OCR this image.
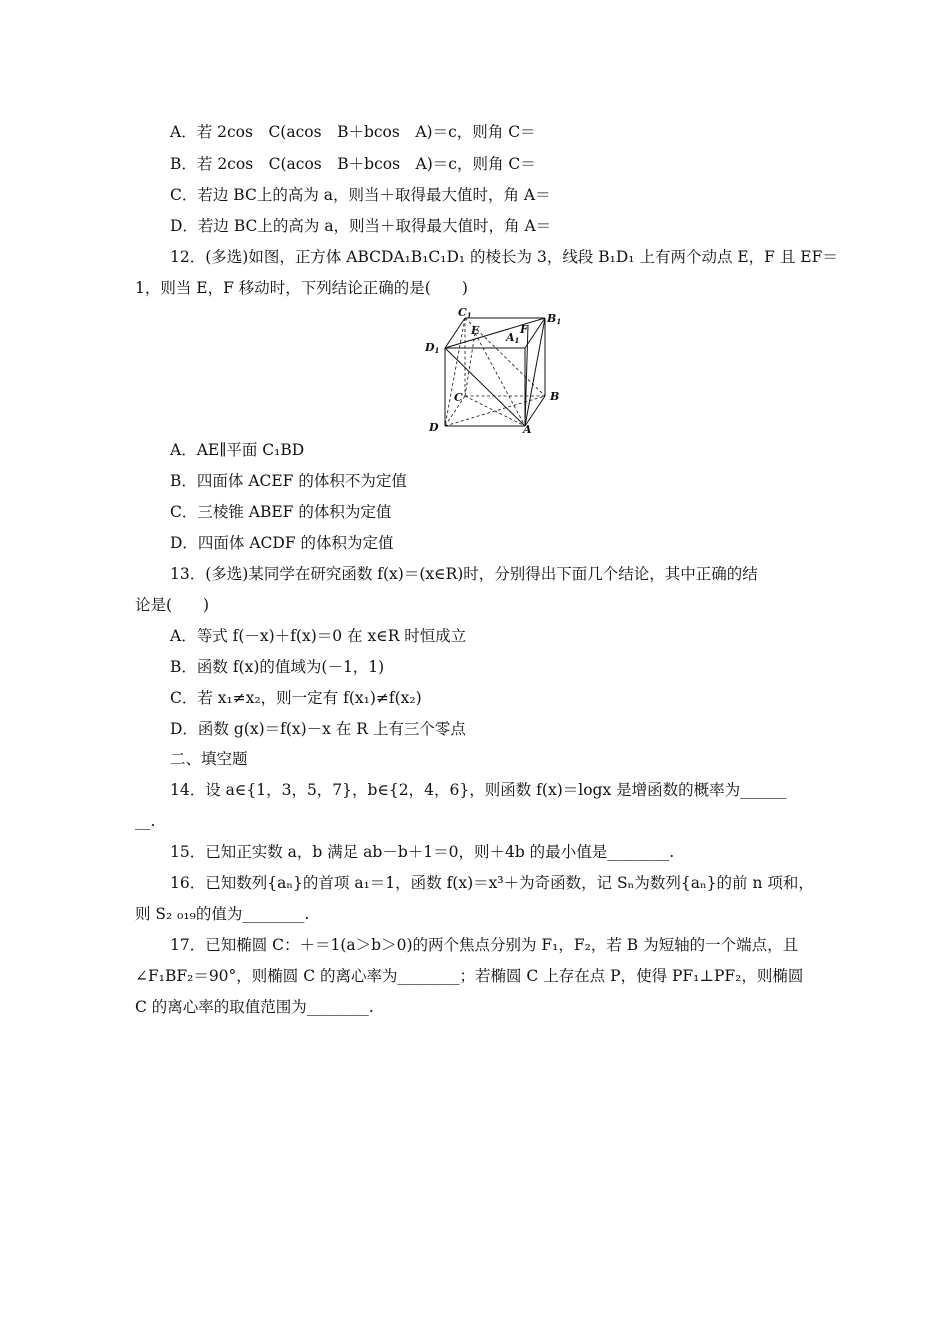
A．若 2cos　C(acos　B＋bcos　A)＝c，则角 C＝
B．若 2cos　C(acos　B＋bcos　A)＝c，则角 C＝
C．若边 BC上的高为 a，则当＋取得最大值时，角 A＝
D．若边 BC上的高为 a，则当＋取得最大值时，角 A＝
12．(多选)如图，正方体 ABCDA₁B₁C₁D₁ 的棱长为 3，线段 B₁D₁ 上有两个动点 E，F 且 EF＝
1，则当 E，F 移动时，下列结论正确的是(　　)
C1
E
A1
F
B1
D1
C	B
D	A
A．AE∥平面 C₁BD
B．四面体 ACEF 的体积不为定值
C．三棱锥 ABEF 的体积为定值
D．四面体 ACDF 的体积为定值
13．(多选)某同学在研究函数 f(x)＝(x∈R)时，分别得出下面几个结论，其中正确的结
论是(　　)
A．等式 f(－x)＋f(x)＝0 在 x∈R 时恒成立
B．函数 f(x)的值域为(－1，1)
C．若 x₁≠x₂，则一定有 f(x₁)≠f(x₂)
D．函数 g(x)＝f(x)－x 在 R 上有三个零点
二、填空题
14．设 a∈{1，3，5，7}，b∈{2，4，6}，则函数 f(x)＝logx 是增函数的概率为______
__.
15．已知正实数 a，b 满足 ab－b＋1＝0，则＋4b 的最小值是________.
16．已知数列{aₙ}的首项 a₁＝1，函数 f(x)＝x³＋为奇函数，记 Sₙ为数列{aₙ}的前 n 项和，
则 S₂ ₀₁₉的值为________.
17．已知椭圆 C：＋＝1(a＞b＞0)的两个焦点分别为 F₁，F₂，若 B 为短轴的一个端点，且
∠F₁BF₂＝90°，则椭圆 C 的离心率为________；若椭圆 C 上存在点 P，使得 PF₁⊥PF₂，则椭圆
C 的离心率的取值范围为________.
